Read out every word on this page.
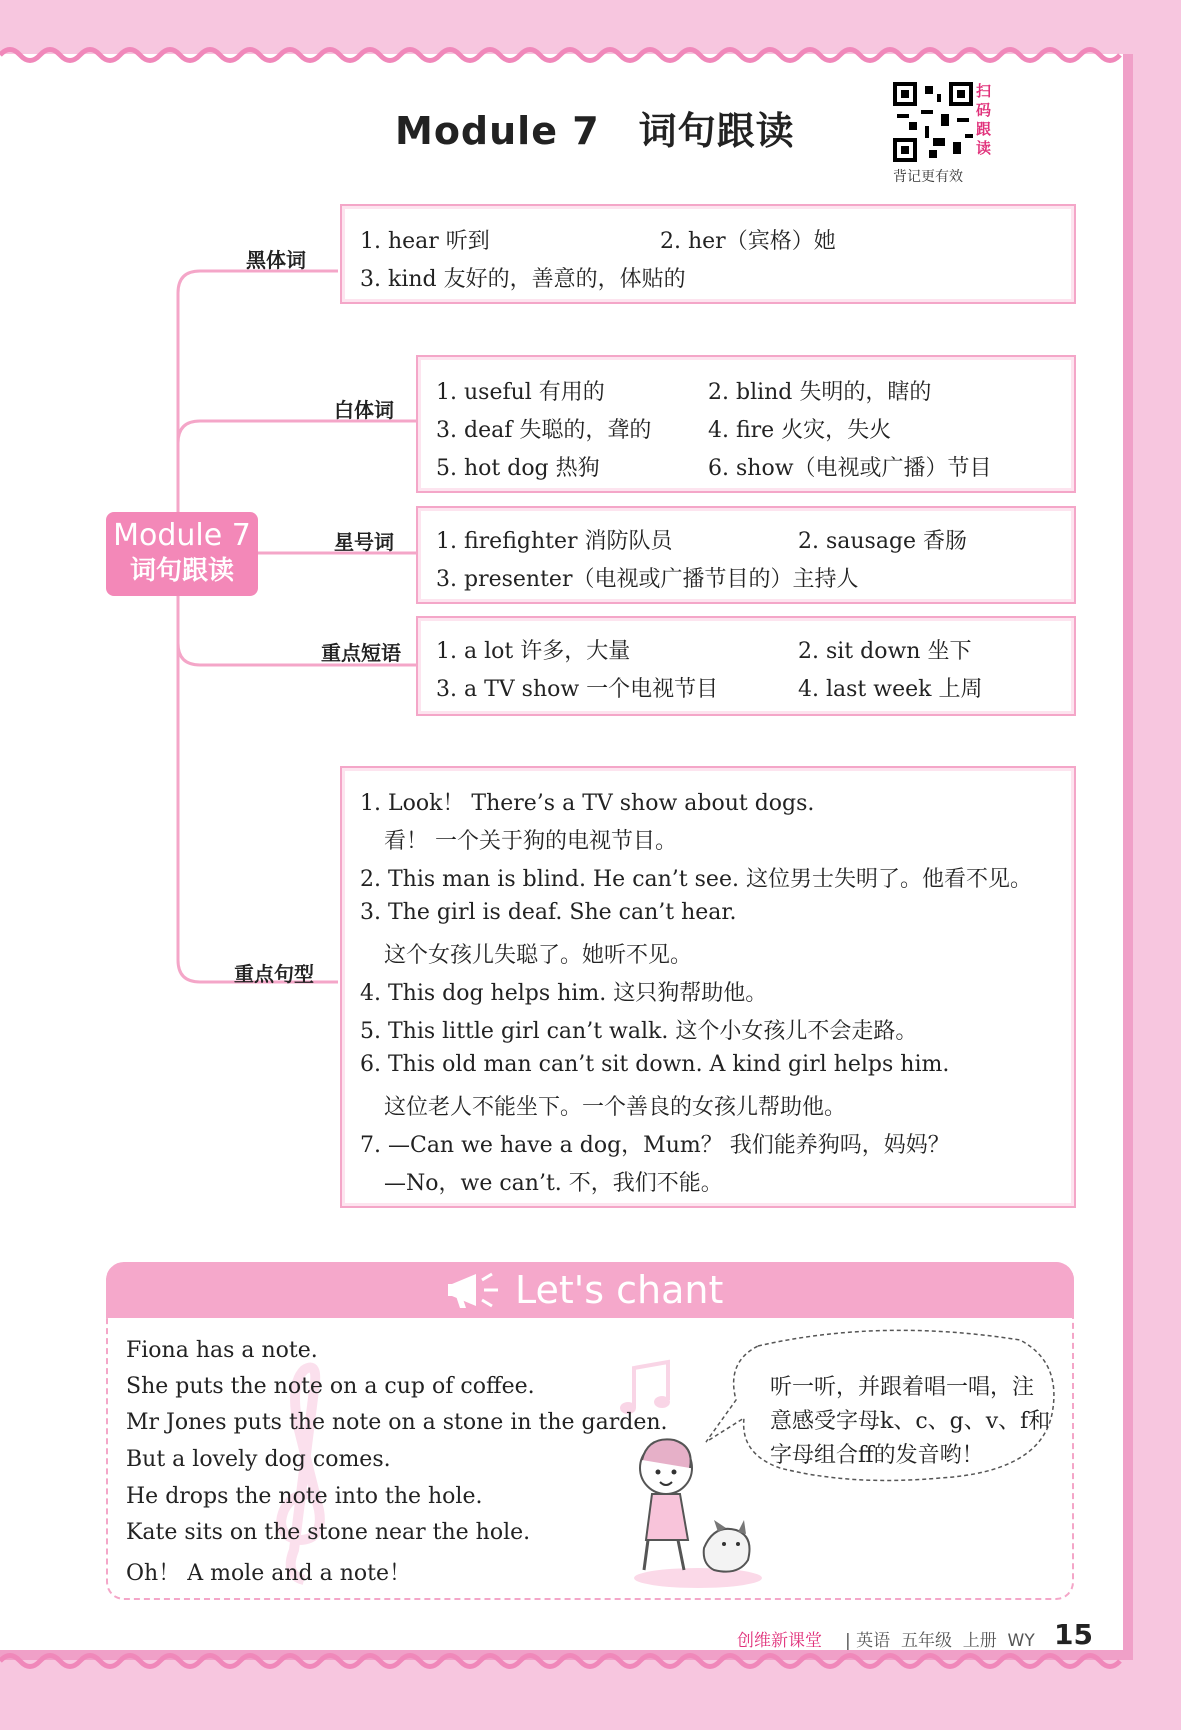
Module 7　词句跟读
扫码跟读
背记更有效
Module 7
词句跟读
黑体词
白体词
星号词
重点短语
重点句型
1. hear 听到	2. her（宾格）她
3. kind 友好的，善意的，体贴的
1. useful 有用的	2. blind 失明的，瞎的
3. deaf 失聪的，聋的	4. fire 火灾，失火
5. hot dog 热狗	6. show（电视或广播）节目
1. firefighter 消防队员	2. sausage 香肠
3. presenter（电视或广播节目的）主持人
1. a lot 许多，大量	2. sit down 坐下
3. a TV show 一个电视节目	4. last week 上周
1. Look！ There’s a TV show about dogs.
看！ 一个关于狗的电视节目。
2. This man is blind. He can’t see. 这位男士失明了。他看不见。
3. The girl is deaf. She can’t hear.
这个女孩儿失聪了。她听不见。
4. This dog helps him. 这只狗帮助他。
5. This little girl can’t walk. 这个小女孩儿不会走路。
6. This old man can’t sit down. A kind girl helps him.
这位老人不能坐下。一个善良的女孩儿帮助他。
7. —Can we have a dog，Mum？ 我们能养狗吗，妈妈？
—No，we can’t. 不，我们不能。
Let's chant
Fiona has a note.
She puts the note on a cup of coffee.
Mr Jones puts the note on a stone in the garden.
But a lovely dog comes.
He drops the note into the hole.
Kate sits on the stone near the hole.
Oh！ A mole and a note！
听一听，并跟着唱一唱，注
意感受字母k、c、g、v、f和
字母组合ff的发音哟！
创维新课堂 | 英语  五年级  上册  WY 15
